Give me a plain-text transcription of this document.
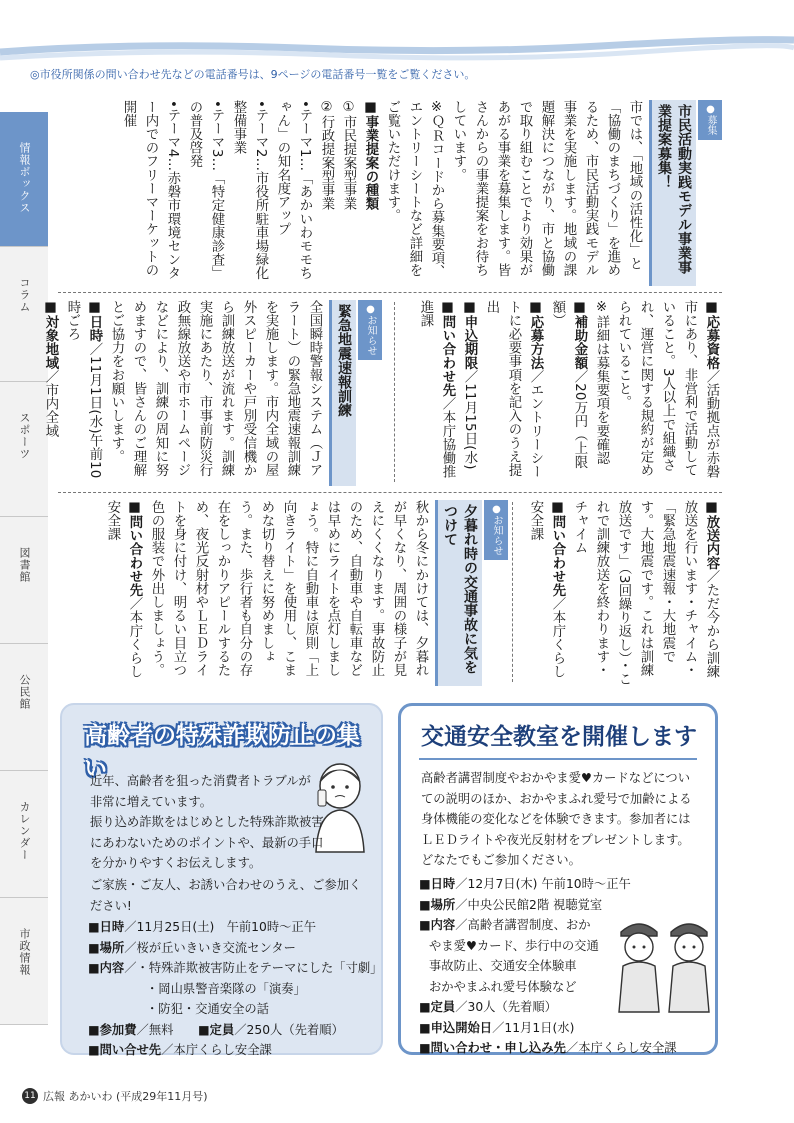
◎市役所関係の問い合わせ先などの電話番号は、9ページの電話番号一覧をご覧ください。
情報ボックス
コラム
スポーツ
図書館
公民館
カレンダー
市政情報
●募集
市民活動実践モデル事業事業提案募集！

市では、「地域の活性化」と「協働のまちづくり」を進めるため、市民活動実践モデル事業を実施します。地域の課題解決につながり、市と協働で取り組むことでより効果があがる事業を募集します。皆さんからの事業提案をお待ちしています。

※ＱＲコードから募集要項、エントリーシートなど詳細をご覧いただけます。

■事業提案の種類

①市民提案型事業

②行政提案型事業

•テーマ1…「あかいわモモちゃん」の知名度アップ

•テーマ2…市役所駐車場緑化整備事業

•テーマ3…「特定健康診査」の普及啓発

•テーマ4…赤磐市環境センター内でのフリーマーケットの開催

■応募資格／活動拠点が赤磐市にあり、非営利で活動していること。3人以上で組織され、運営に関する規約が定められていること。

※詳細は募集要項を要確認

■補助金額／20万円（上限額）

■応募方法／エントリーシートに必要事項を記入のうえ提出

■申込期限／11月15日(水)

■問い合わせ先／本庁協働推進課

●お知らせ
緊急地震速報訓練

全国瞬時警報システム（Ｊアラート）の緊急地震速報訓練を実施します。市内全域の屋外スピーカーや戸別受信機から訓練放送が流れます。訓練実施にあたり、市事前防災行政無線放送や市ホームページなどにより、訓練の周知に努めますので、皆さんのご理解とご協力をお願いします。

■日時／11月1日(水)午前10時ごろ

■対象地域／市内全域

■放送内容／ただ今から訓練放送を行います・チャイム・「緊急地震速報・大地震です。大地震です。これは訓練放送です」（3回繰り返し）・これで訓練放送を終わります・チャイム

■問い合わせ先／本庁くらし安全課

●お知らせ
夕暮れ時の交通事故に気をつけて

秋から冬にかけては、夕暮れが早くなり、周囲の様子が見えにくくなります。事故防止のため、自動車や自転車などは早めにライトを点灯しましょう。特に自動車は原則「上向きライト」を使用し、こまめな切り替えに努めましょう。また、歩行者も自分の存在をしっかりアピールするため、夜光反射材やＬＥＤライトを身に付け、明るい目立つ色の服装で外出しましょう。

■問い合わせ先／本庁くらし安全課

高齢者の特殊詐欺防止の集い
近年、高齢者を狙った消費者トラブルが非常に増えています。
振り込め詐欺をはじめとした特殊詐欺被害にあわないためのポイントや、最新の手口を分かりやすくお伝えします。
ご家族・ご友人、お誘い合わせのうえ、ご参加ください!
■日時／11月25日(土)　午前10時～正午
■場所／桜が丘いきいき交流センター
■内容／・特殊詐欺被害防止をテーマにした「寸劇」
・岡山県警音楽隊の「演奏」
・防犯・交通安全の話
■参加費／無料　　 ■定員／250人（先着順）
■問い合せ先／本庁くらし安全課
交通安全教室を開催します
高齢者講習制度やおかやま愛♥カードなどについての説明のほか、おかやまふれ愛号で加齢による身体機能の変化などを体験できます。参加者にはＬＥＤライトや夜光反射材をプレゼントします。どなたでもご参加ください。
■日時／12月7日(木) 午前10時～正午
■場所／中央公民館2階 視聴覚室
■内容／高齢者講習制度、おか
やま愛♥カード、歩行中の交通
事故防止、交通安全体験車
おかやまふれ愛号体験など
■定員／30人（先着順）
■申込開始日／11月1日(水)
■問い合わせ・申し込み先／本庁くらし安全課
11 広報 あかいわ (平成29年11月号)
